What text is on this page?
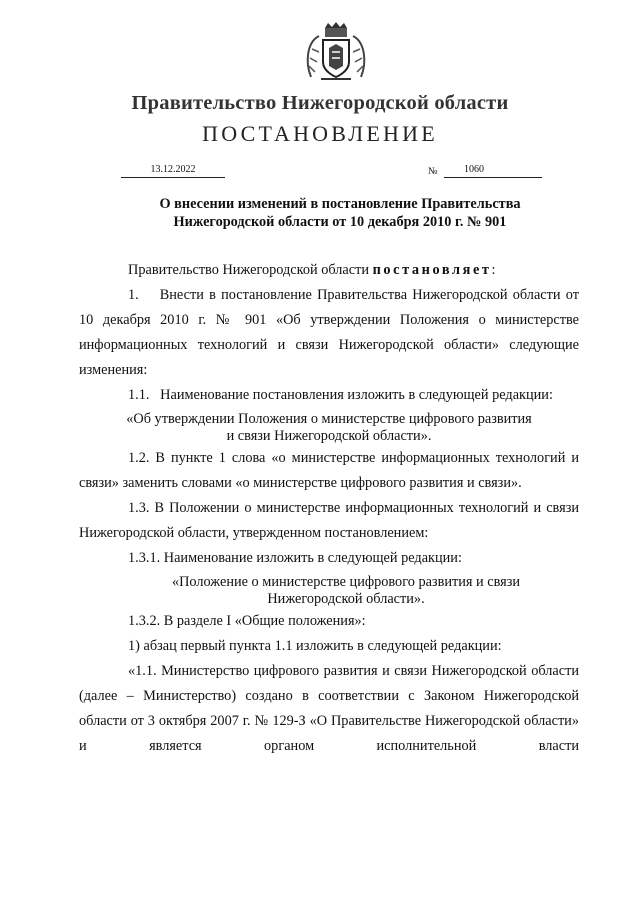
Правительство Нижегородской области
ПОСТАНОВЛЕНИЕ
13.12.2022	№	1060
О внесении изменений в постановление Правительства
Нижегородской области от 10 декабря 2010 г. № 901

Правительство Нижегородской области постановляет:

1.    Внести в постановление Правительства Нижегородской области от 10 декабря 2010 г. № 901 «Об утверждении Положения о министерстве информационных технологий и связи Нижегородской области» следующие изменения:

1.1.   Наименование постановления изложить в следующей редакции:

«Об утверждении Положения о министерстве цифрового развития
и связи Нижегородской области».

1.2. В пункте 1 слова «о министерстве информационных технологий и связи» заменить словами «о министерстве цифрового развития и связи».

1.3. В Положении о министерстве информационных технологий и связи Нижегородской области, утвержденном постановлением:

1.3.1. Наименование изложить в следующей редакции:

«Положение о министерстве цифрового развития и связи
Нижегородской области».

1.3.2. В разделе I «Общие положения»:

1) абзац первый пункта 1.1 изложить в следующей редакции:

«1.1. Министерство цифрового развития и связи Нижегородской области (далее – Министерство) создано в соответствии с Законом Нижегородской области от 3 октября 2007 г. № 129-З «О Правительстве Нижегородской области» и является органом исполнительной власти
